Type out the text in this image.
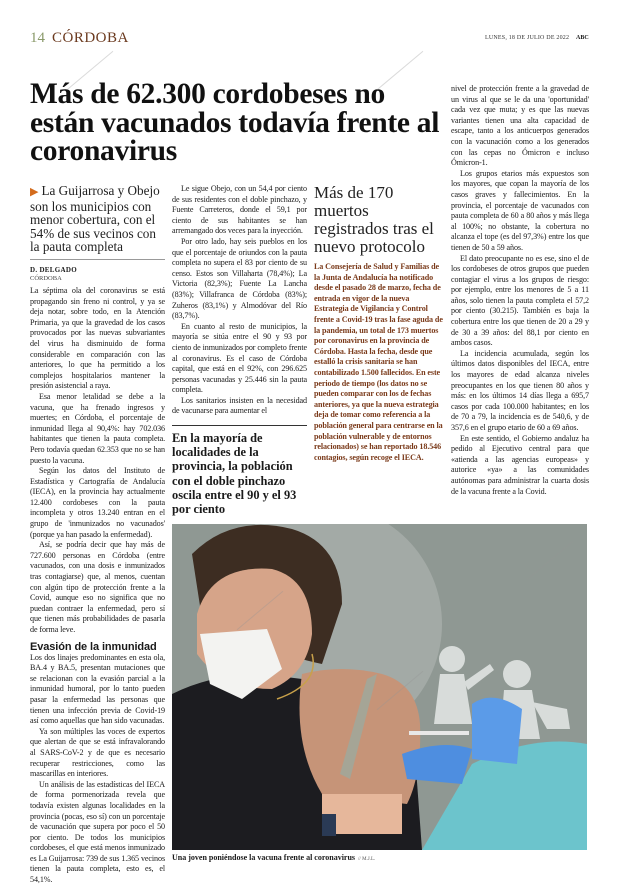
14 CÓRDOBA	LUNES, 18 DE JULIO DE 2022 ABC
Más de 62.300 cordobeses no están vacunados todavía frente al coronavirus
▶ La Guijarrosa y Obejo son los municipios con menor cobertura, con el 54% de sus vecinos con la pauta completa
D. DELGADO
CÓRDOBA

La séptima ola del coronavirus se está propagando sin freno ni control, y ya se deja notar, sobre todo, en la Atención Primaria, ya que la gravedad de los casos provocados por las nuevas subvariantes del virus ha disminuido de forma considerable en comparación con las anteriores, lo que ha permitido a los complejos hospitalarios mantener la presión asistencial a raya.

Esa menor letalidad se debe a la vacuna, que ha frenado ingresos y muertes; en Córdoba, el porcentaje de inmunidad llega al 90,4%: hay 702.036 habitantes que tienen la pauta completa. Pero todavía quedan 62.353 que no se han puesto la vacuna.

Según los datos del Instituto de Estadística y Cartografía de Andalucía (IECA), en la provincia hay actualmente 12.400 cordobeses con la pauta incompleta y otros 13.240 entran en el grupo de 'inmunizados no vacunados' (porque ya han pasado la enfermedad).

Así, se podría decir que hay más de 727.600 personas en Córdoba (entre vacunados, con una dosis e inmunizados tras contagiarse) que, al menos, cuentan con algún tipo de protección frente a la Covid, aunque eso no significa que no puedan contraer la enfermedad, pero sí que tienen más probabilidades de pasarla de forma leve.

Evasión de la inmunidad

Los dos linajes predominantes en esta ola, BA.4 y BA.5, presentan mutaciones que se relacionan con la evasión parcial a la inmunidad humoral, por lo tanto pueden pasar la enfermedad las personas que tienen una infección previa de Covid-19 así como aquellas que han sido vacunadas.

Ya son múltiples las voces de expertos que alertan de que se está infravalorando al SARS-CoV-2 y de que es necesario recuperar restricciones, como las mascarillas en interiores.

Un análisis de las estadísticas del IECA de forma pormenorizada revela que todavía existen algunas localidades en la provincia (pocas, eso sí) con un porcentaje de vacunación que supera por poco el 50 por ciento. De todos los municipios cordobeses, el que está menos inmunizado es La Guijarrosa: 739 de sus 1.365 vecinos tienen la pauta completa, esto es, el 54,1%.

Le sigue Obejo, con un 54,4 por ciento de sus residentes con el doble pinchazo, y Fuente Carreteros, donde el 59,1 por ciento de sus habitantes se han arremangado dos veces para la inyección.

Por otro lado, hay seis pueblos en los que el porcentaje de oriundos con la pauta completa no supera el 83 por ciento de su censo. Estos son Villaharta (78,4%); La Victoria (82,3%); Fuente La Lancha (83%); Villafranca de Córdoba (83%); Zuheros (83,1%) y Almodóvar del Río (83,7%).

En cuanto al resto de municipios, la mayoría se sitúa entre el 90 y 93 por ciento de inmunizados por completo frente al coronavirus. Es el caso de Córdoba capital, que está en el 92%, con 296.625 personas vacunadas y 25.446 sin la pauta completa.

Los sanitarios insisten en la necesidad de vacunarse para aumentar el

En la mayoría de localidades de la provincia, la población con el doble pinchazo oscila entre el 90 y el 93 por ciento
Más de 170 muertos registrados tras el nuevo protocolo

La Consejería de Salud y Familias de la Junta de Andalucía ha notificado desde el pasado 28 de marzo, fecha de entrada en vigor de la nueva Estrategia de Vigilancia y Control frente a Covid-19 tras la fase aguda de la pandemia, un total de 173 muertos por coronavirus en la provincia de Córdoba. Hasta la fecha, desde que estalló la crisis sanitaria se han contabilizado 1.500 fallecidos. En este periodo de tiempo (los datos no se pueden comparar con los de fechas anteriores, ya que la nueva estrategia deja de tomar como referencia a la población general para centrarse en la población vulnerable y de entornos relacionados) se han reportado 18.546 contagios, según recoge el IECA.

nivel de protección frente a la gravedad de un virus al que se le da una 'oportunidad' cada vez que muta; y es que las nuevas variantes tienen una alta capacidad de escape, tanto a los anticuerpos generados con la vacunación como a los generados con las cepas no Ómicron e incluso Ómicron-1.

Los grupos etarios más expuestos son los mayores, que copan la mayoría de los casos graves y fallecimientos. En la provincia, el porcentaje de vacunados con pauta completa de 60 a 80 años y más llega al 100%; no obstante, la cobertura no alcanza el tope (es del 97,3%) entre los que tienen de 50 a 59 años.

El dato preocupante no es ese, sino el de los cordobeses de otros grupos que pueden contagiar el virus a los grupos de riesgo: por ejemplo, entre los menores de 5 a 11 años, solo tienen la pauta completa el 57,2 por ciento (30.215). También es baja la cobertura entre los que tienen de 20 a 29 y de 30 a 39 años: del 88,1 por ciento en ambos casos.

La incidencia acumulada, según los últimos datos disponibles del IECA, entre los mayores de edad alcanza niveles preocupantes en los que tienen 80 años y más: en los últimos 14 días llega a 695,7 casos por cada 100.000 habitantes; en los de 70 a 79, la incidencia es de 540,6, y de 357,6 en el grupo etario de 60 a 69 años.

En este sentido, el Gobierno andaluz ha pedido al Ejecutivo central para que «atienda a las agencias europeas» y autorice «ya» a las comunidades autónomas para administrar la cuarta dosis de la vacuna frente a la Covid.

Una joven poniéndose la vacuna frente al coronavirus // M.J.L.
